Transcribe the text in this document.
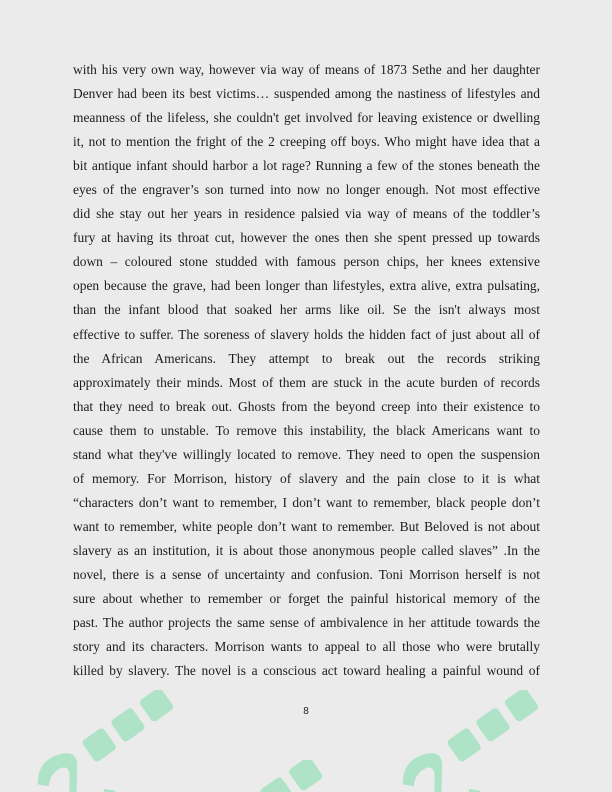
with his very own way, however via way of means of 1873 Sethe and her daughter
Denver had been its best victims… suspended among the nastiness of lifestyles and
meanness of the lifeless, she couldn't get involved for leaving existence or dwelling
it, not to mention the fright of the 2 creeping off boys. Who might have idea that a
bit antique infant should harbor a lot rage? Running a few of the stones beneath the
eyes of the engraver’s son turned into now no longer enough. Not most effective
did she stay out her years in residence palsied via way of means of the toddler’s
fury at having its throat cut, however the ones then she spent pressed up towards
down – coloured stone studded with famous person chips, her knees extensive
open because the grave, had been longer than lifestyles, extra alive, extra pulsating,
than the infant blood that soaked her arms like oil. Se the isn't always most
effective to suffer. The soreness of slavery holds the hidden fact of just about all of
the African Americans. They attempt to break out the records striking
approximately their minds. Most of them are stuck in the acute burden of records
that they need to break out. Ghosts from the beyond creep into their existence to
cause them to unstable. To remove this instability, the black Americans want to
stand what they've willingly located to remove. They need to open the suspension
of memory. For Morrison, history of slavery and the pain close to it is what
“characters don’t want to remember, I don’t want to remember, black people don’t
want to remember, white people don’t want to remember. But Beloved is not about
slavery as an institution, it is about those anonymous people called slaves” .In the
novel, there is a sense of uncertainty and confusion. Toni Morrison herself is not
sure about whether to remember or forget the painful historical memory of the
past. The author projects the same sense of ambivalence in her attitude towards the
story and its characters. Morrison wants to appeal to all those who were brutally
killed by slavery. The novel is a conscious act toward healing a painful wound of
8
